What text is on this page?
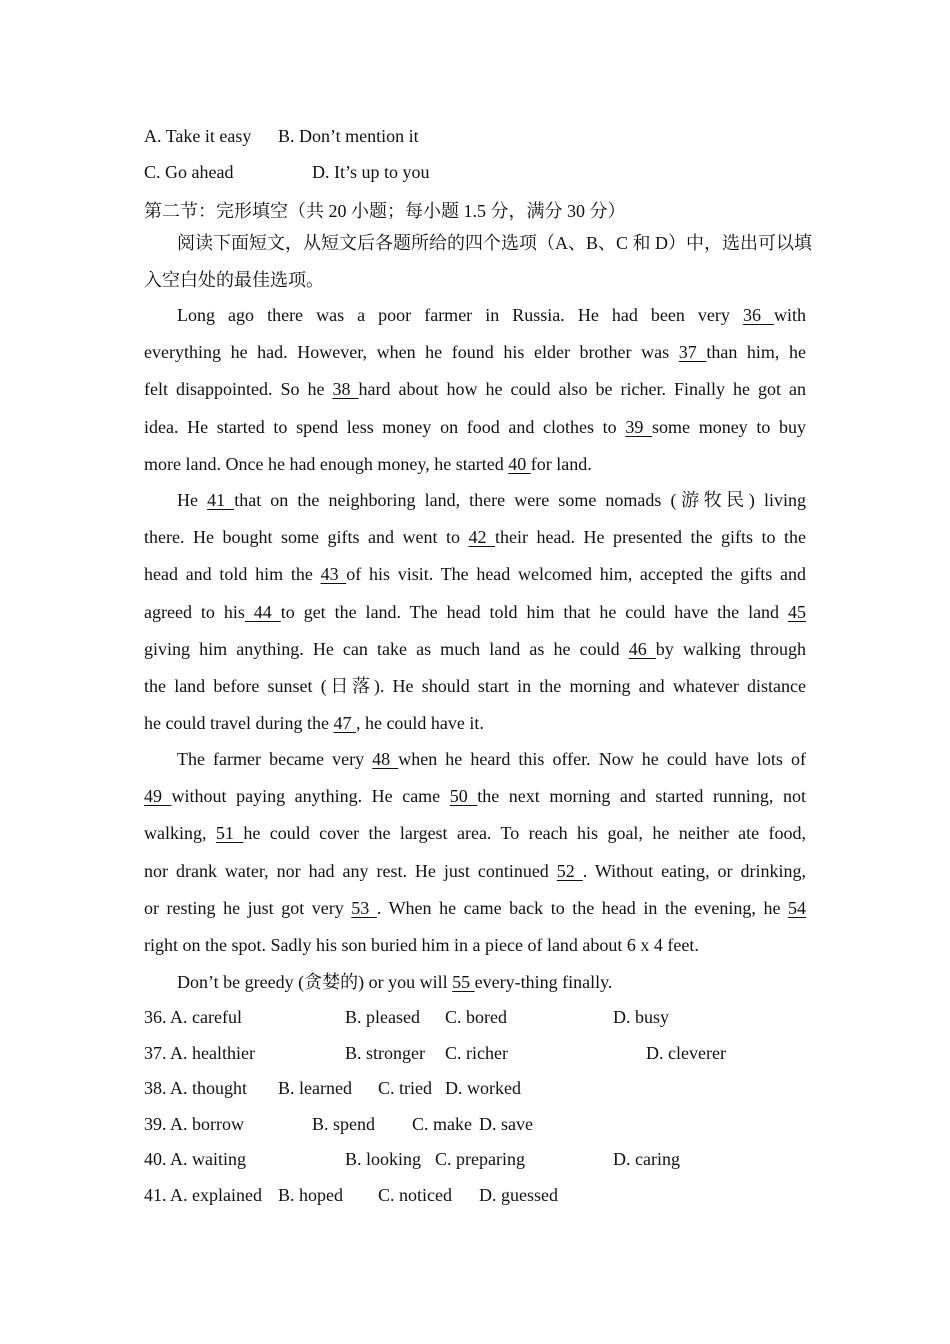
A. Take it easy B. Don’t mention it
C. Go ahead	D. It’s up to you
第二节：完形填空（共 20 小题；每小题 1.5 分，满分 30 分）
阅读下面短文，从短文后各题所给的四个选项（A、B、C 和 D）中，选出可以填
入空白处的最佳选项。
Long ago there was a poor farmer in Russia. He had been very 36 with
everything he had. However, when he found his elder brother was 37 than him, he
felt disappointed. So he 38 hard about how he could also be richer. Finally he got an
idea. He started to spend less money on food and clothes to 39 some money to buy
more land. Once he had enough money, he started 40 for land.
He 41 that on the neighboring land, there were some nomads (游牧民) living
there. He bought some gifts and went to 42 their head. He presented the gifts to the
head and told him the 43 of his visit. The head welcomed him, accepted the gifts and
agreed to his 44 to get the land. The head told him that he could have the land 45
giving him anything. He can take as much land as he could 46 by walking through
the land before sunset (日落). He should start in the morning and whatever distance
he could travel during the 47 , he could have it.
The farmer became very 48 when he heard this offer. Now he could have lots of
49 without paying anything. He came 50 the next morning and started running, not
walking, 51 he could cover the largest area. To reach his goal, he neither ate food,
nor drank water, nor had any rest. He just continued 52 . Without eating, or drinking,
or resting he just got very 53 . When he came back to the head in the evening, he 54
right on the spot. Sadly his son buried him in a piece of land about 6 x 4 feet.
Don’t be greedy (贪婪的) or you will 55 every-thing finally.
36. A. careful	B. pleased C. bored	D. busy
37. A. healthier	B. stronger C. richer	D. cleverer
38. A. thought B. learned C. tried D. worked
39. A. borrow	B. spend C. make D. save
40. A. waiting	B. looking C. preparing	D. caring
41. A. explained B. hoped C. noticed D. guessed
